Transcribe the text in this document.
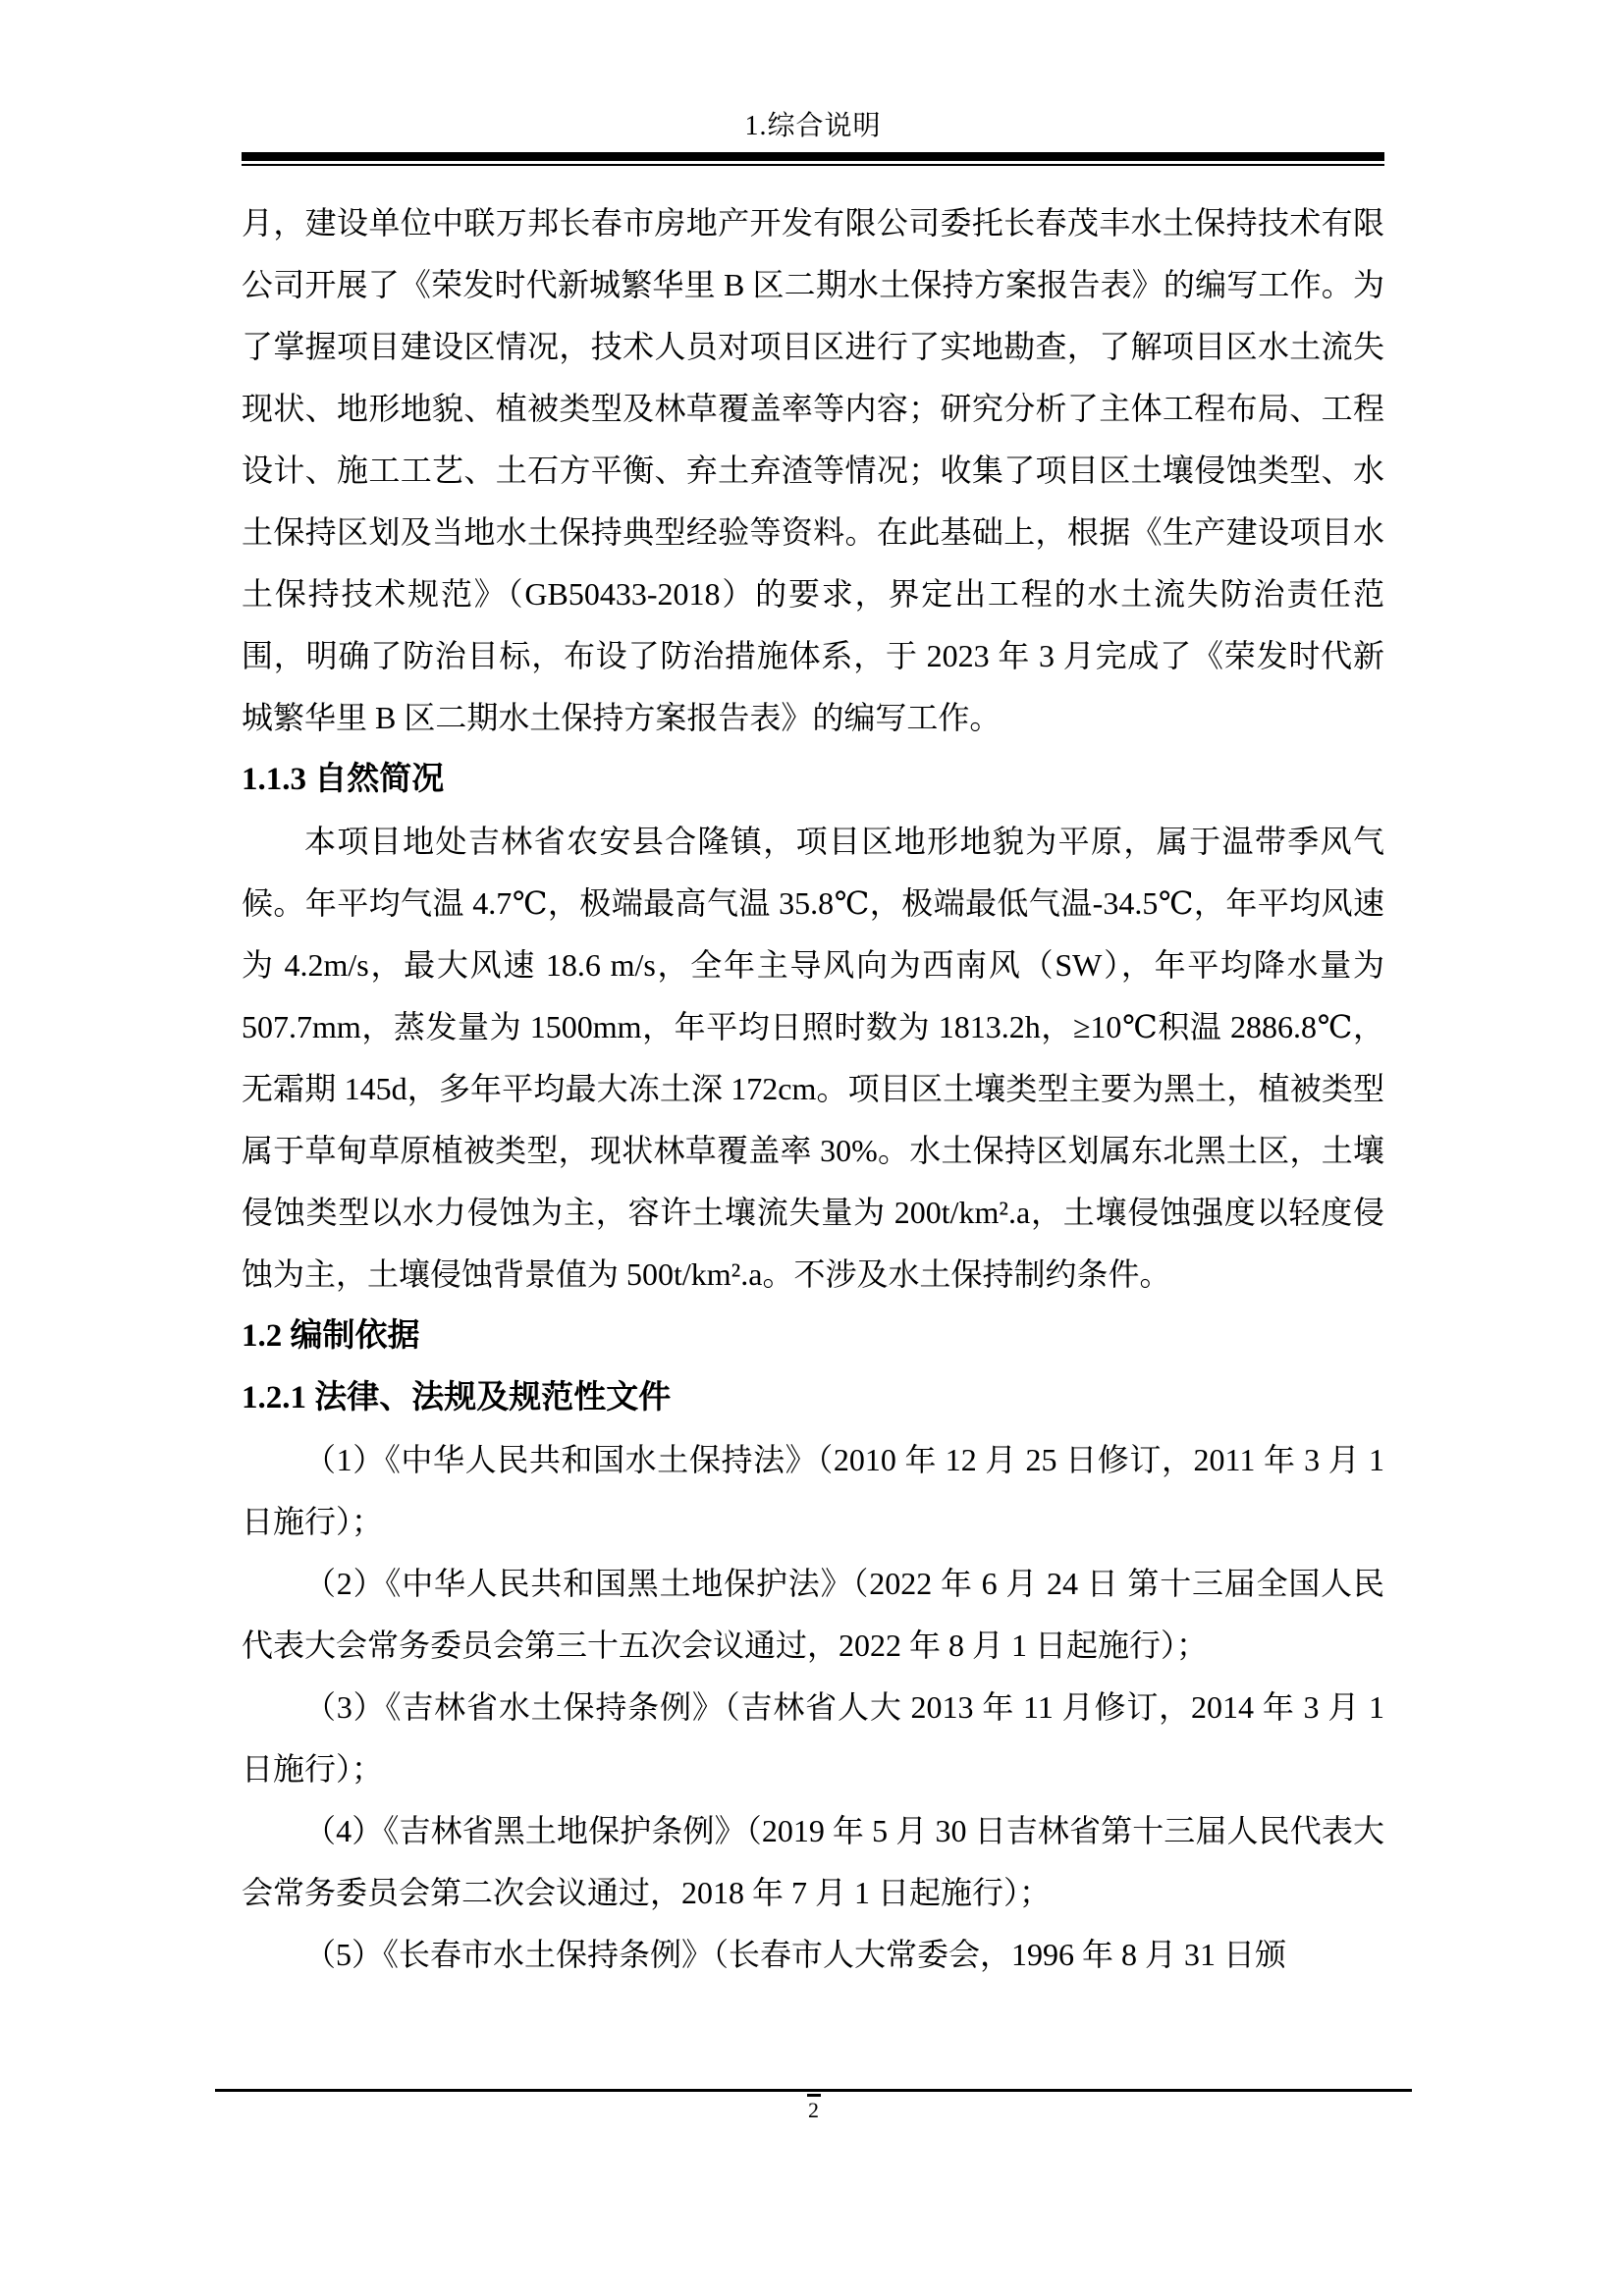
1.综合说明

月，建设单位中联万邦长春市房地产开发有限公司委托长春茂丰水土保持技术有限公司开展了《荣发时代新城繁华里 B 区二期水土保持方案报告表》的编写工作。为了掌握项目建设区情况，技术人员对项目区进行了实地勘查，了解项目区水土流失现状、地形地貌、植被类型及林草覆盖率等内容；研究分析了主体工程布局、工程设计、施工工艺、土石方平衡、弃土弃渣等情况；收集了项目区土壤侵蚀类型、水土保持区划及当地水土保持典型经验等资料。在此基础上，根据《生产建设项目水土保持技术规范》（GB50433-2018）的要求，界定出工程的水土流失防治责任范围，明确了防治目标，布设了防治措施体系，于 2023 年 3 月完成了《荣发时代新城繁华里 B 区二期水土保持方案报告表》的编写工作。

1.1.3 自然简况

本项目地处吉林省农安县合隆镇，项目区地形地貌为平原，属于温带季风气候。年平均气温 4.7℃，极端最高气温 35.8℃，极端最低气温-34.5℃，年平均风速为 4.2m/s，最大风速 18.6 m/s，全年主导风向为西南风（SW），年平均降水量为 507.7mm，蒸发量为 1500mm，年平均日照时数为 1813.2h，≥10℃积温 2886.8℃，无霜期 145d，多年平均最大冻土深 172cm。项目区土壤类型主要为黑土，植被类型属于草甸草原植被类型，现状林草覆盖率 30%。水土保持区划属东北黑土区，土壤侵蚀类型以水力侵蚀为主，容许土壤流失量为 200t/km².a，土壤侵蚀强度以轻度侵蚀为主，土壤侵蚀背景值为 500t/km².a。不涉及水土保持制约条件。

1.2 编制依据
1.2.1 法律、法规及规范性文件

（1）《中华人民共和国水土保持法》（2010 年 12 月 25 日修订，2011 年 3 月 1 日施行）；

（2）《中华人民共和国黑土地保护法》（2022 年 6 月 24 日 第十三届全国人民代表大会常务委员会第三十五次会议通过，2022 年 8 月 1 日起施行）；

（3）《吉林省水土保持条例》（吉林省人大 2013 年 11 月修订，2014 年 3 月 1 日施行）；

（4）《吉林省黑土地保护条例》（2019 年 5 月 30 日吉林省第十三届人民代表大会常务委员会第二次会议通过，2018 年 7 月 1 日起施行）；

（5）《长春市水土保持条例》（长春市人大常委会，1996 年 8 月 31 日颁

2
